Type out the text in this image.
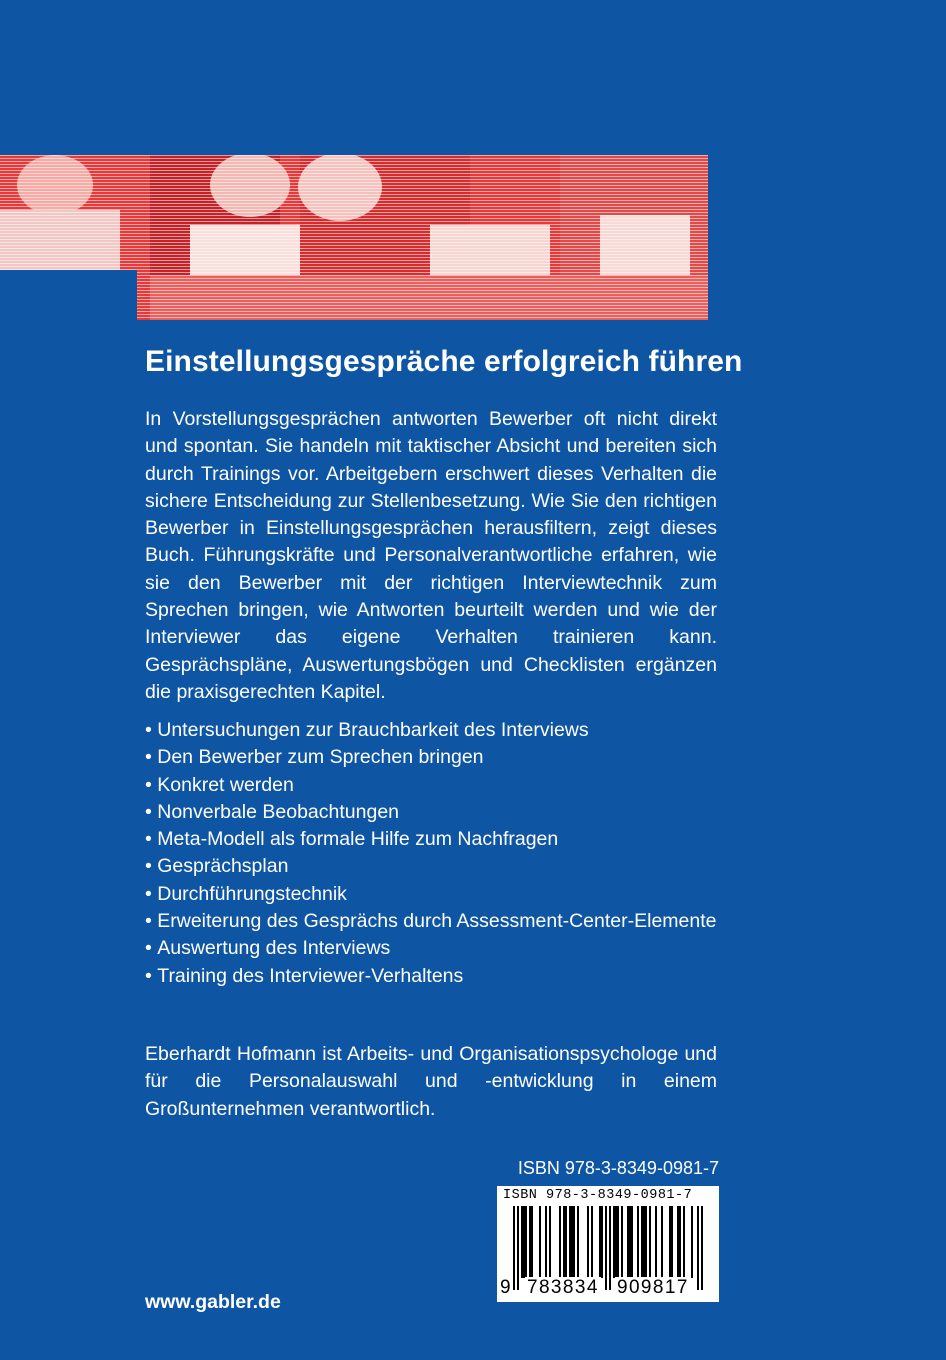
Einstellungsgespräche erfolgreich führen

In Vorstellungsgesprächen antworten Bewerber oft nicht direkt und spontan. Sie handeln mit taktischer Absicht und bereiten sich durch Trainings vor. Arbeitgebern erschwert dieses Verhalten die sichere Entscheidung zur Stellenbesetzung. Wie Sie den richtigen Bewerber in Einstellungsgesprächen herausfiltern, zeigt dieses Buch. Führungskräfte und Personalverantwortliche erfahren, wie sie den Bewerber mit der richtigen Interviewtechnik zum Sprechen bringen, wie Antworten beurteilt werden und wie der Interviewer das eigene Verhalten trainieren kann. Gesprächspläne, Auswertungsbögen und Checklisten ergänzen die praxisgerechten Kapitel.

• Untersuchungen zur Brauchbarkeit des Interviews
• Den Bewerber zum Sprechen bringen
• Konkret werden
• Nonverbale Beobachtungen
• Meta-Modell als formale Hilfe zum Nachfragen
• Gesprächsplan
• Durchführungstechnik
• Erweiterung des Gesprächs durch Assessment-Center-Elemente
• Auswertung des Interviews
• Training des Interviewer-Verhaltens

Eberhardt Hofmann ist Arbeits- und Organisationspsychologe und für die Personalauswahl und -entwicklung in einem Großunternehmen verantwortlich.

ISBN 978-3-8349-0981-7

ISBN 978-3-8349-0981-7
9 783834 909817

www.gabler.de
